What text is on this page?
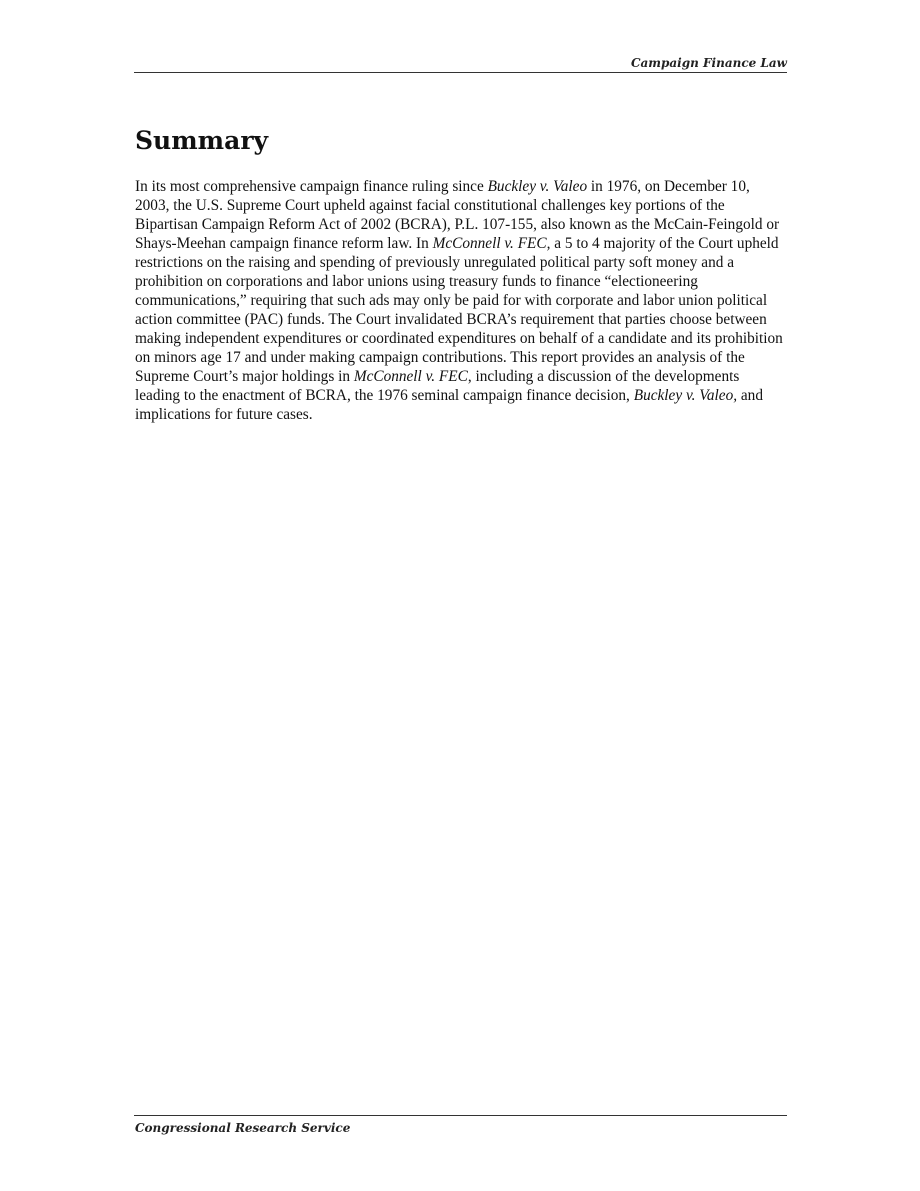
Campaign Finance Law
Summary

In its most comprehensive campaign finance ruling since Buckley v. Valeo in 1976, on December 10, 2003, the U.S. Supreme Court upheld against facial constitutional challenges key portions of the Bipartisan Campaign Reform Act of 2002 (BCRA), P.L. 107-155, also known as the McCain-Feingold or Shays-Meehan campaign finance reform law. In McConnell v. FEC, a 5 to 4 majority of the Court upheld restrictions on the raising and spending of previously unregulated political party soft money and a prohibition on corporations and labor unions using treasury funds to finance “electioneering communications,” requiring that such ads may only be paid for with corporate and labor union political action committee (PAC) funds. The Court invalidated BCRA’s requirement that parties choose between making independent expenditures or coordinated expenditures on behalf of a candidate and its prohibition on minors age 17 and under making campaign contributions. This report provides an analysis of the Supreme Court’s major holdings in McConnell v. FEC, including a discussion of the developments leading to the enactment of BCRA, the 1976 seminal campaign finance decision, Buckley v. Valeo, and implications for future cases.

Congressional Research Service
